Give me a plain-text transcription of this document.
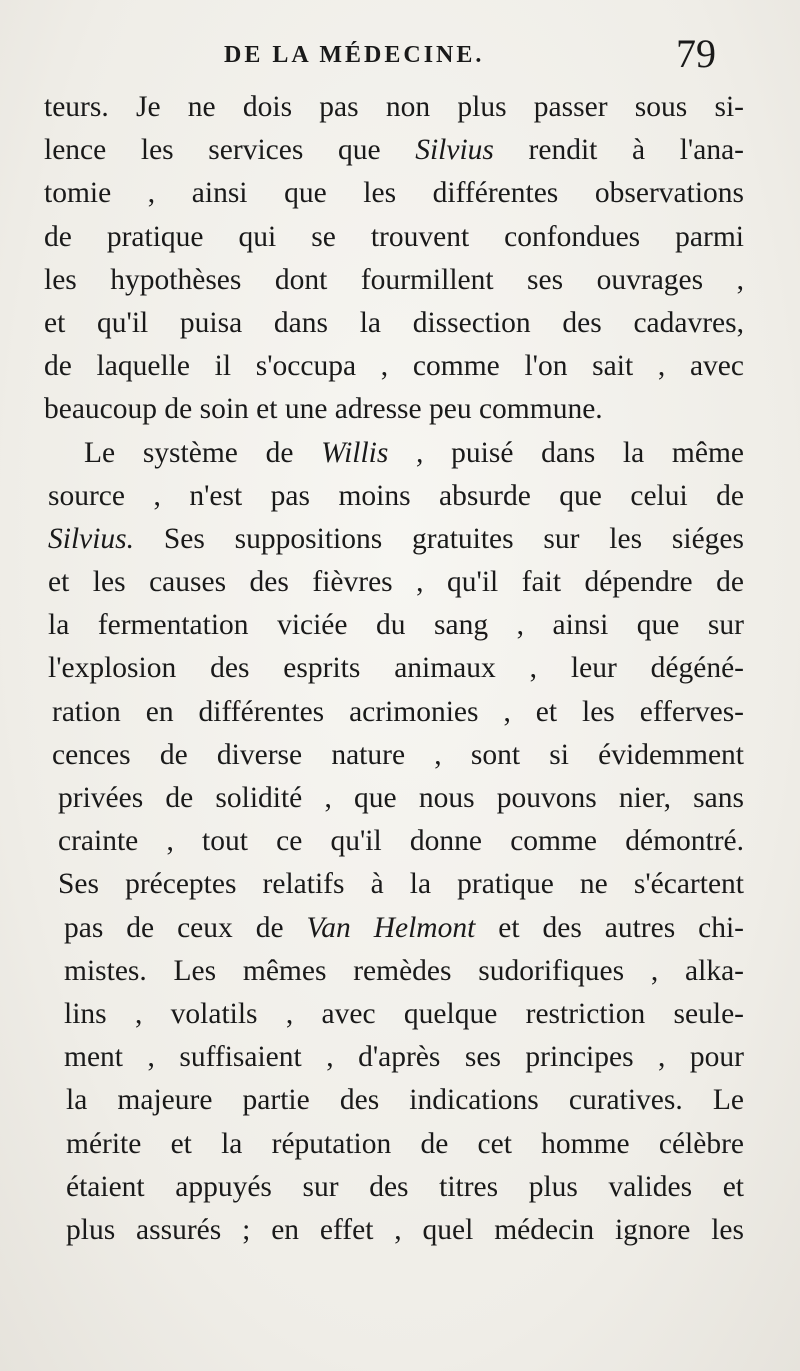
DE LA MÉDECINE.	79
teurs. Je ne dois pas non plus passer sous si-
lence les services que Silvius rendit à l'ana-
tomie , ainsi que les différentes observations
de pratique qui se trouvent confondues parmi
les hypothèses dont fourmillent ses ouvrages ,
et qu'il puisa dans la dissection des cadavres,
de laquelle il s'occupa , comme l'on sait , avec
beaucoup de soin et une adresse peu commune.
Le système de Willis , puisé dans la même
source , n'est pas moins absurde que celui de
Silvius. Ses suppositions gratuites sur les siéges
et les causes des fièvres , qu'il fait dépendre de
la fermentation viciée du sang , ainsi que sur
l'explosion des esprits animaux , leur dégéné-
ration en différentes acrimonies , et les efferves-
cences de diverse nature , sont si évidemment
privées de solidité , que nous pouvons nier, sans
crainte , tout ce qu'il donne comme démontré.
Ses préceptes relatifs à la pratique ne s'écartent
pas de ceux de Van Helmont et des autres chi-
mistes. Les mêmes remèdes sudorifiques , alka-
lins , volatils , avec quelque restriction seule-
ment , suffisaient , d'après ses principes , pour
la majeure partie des indications curatives. Le
mérite et la réputation de cet homme célèbre
étaient appuyés sur des titres plus valides et
plus assurés ; en effet , quel médecin ignore les
